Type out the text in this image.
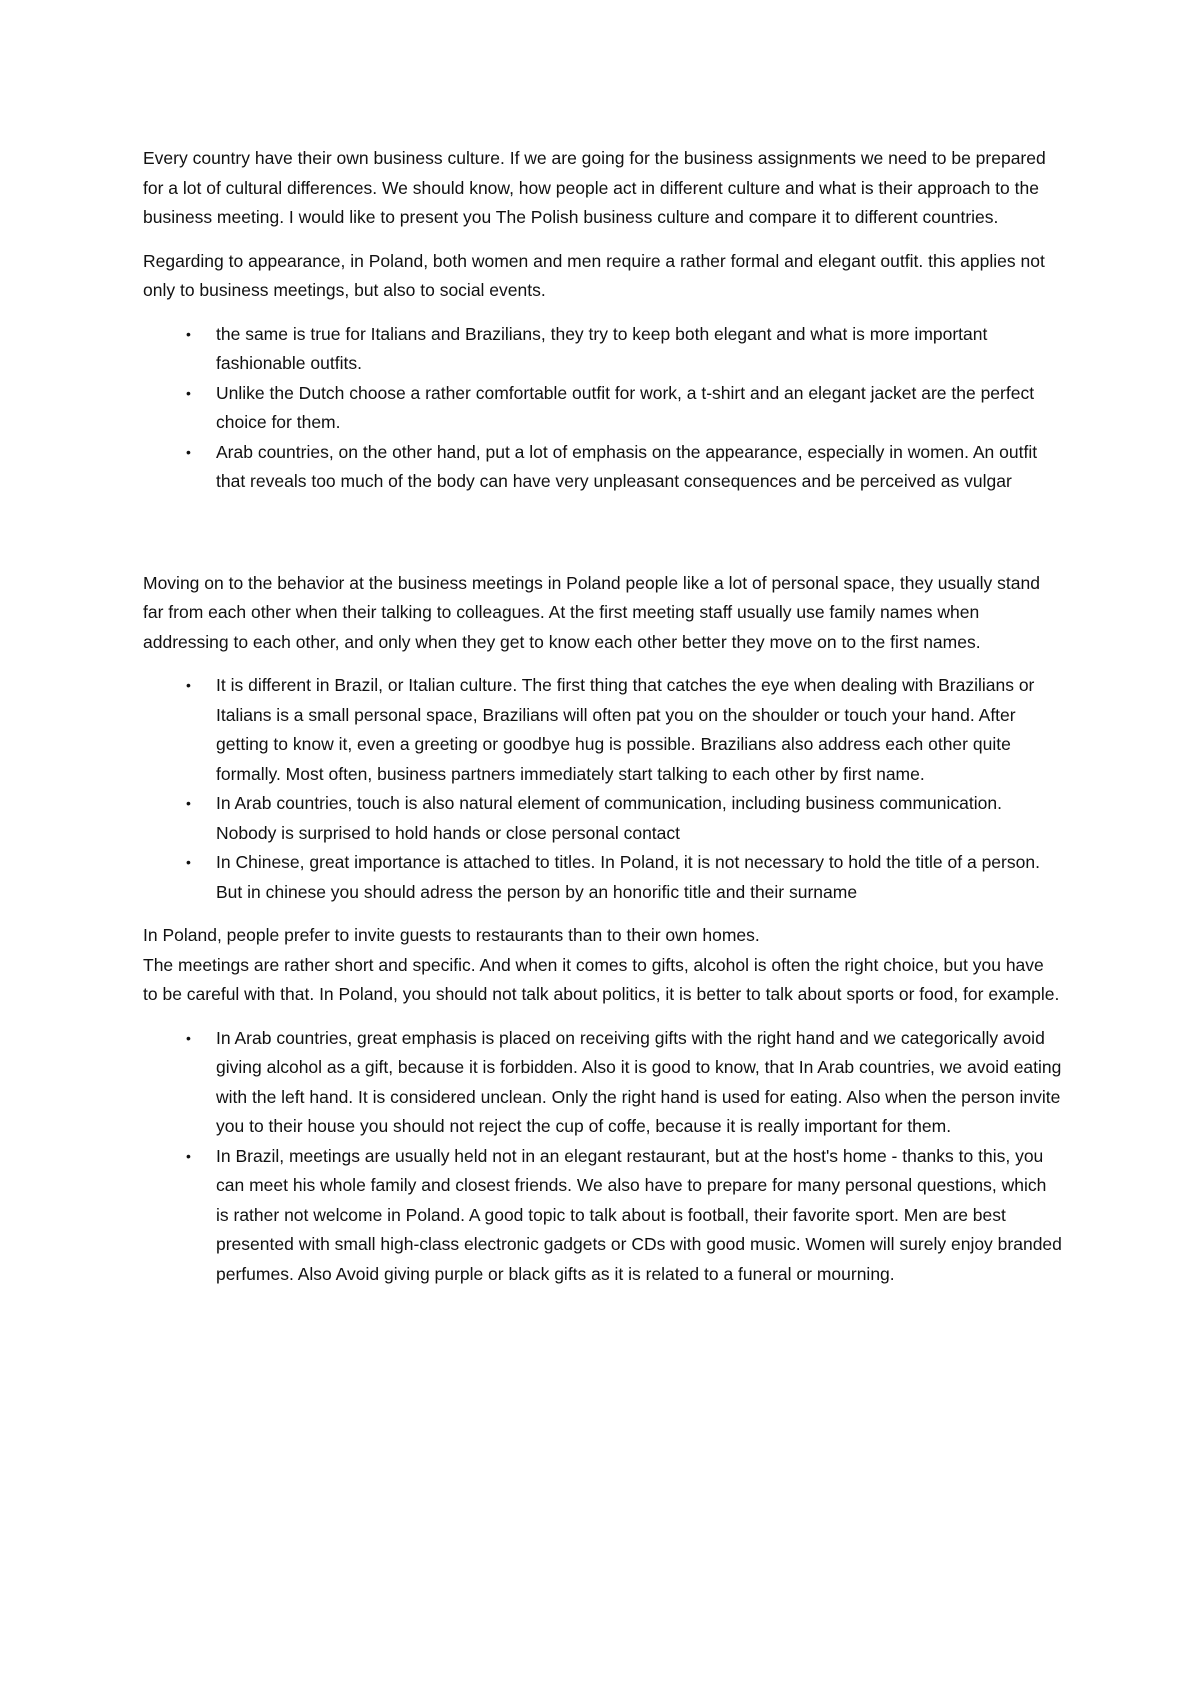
Every country have their own business culture. If we are going for the business assignments we need to be prepared for a lot of cultural differences. We should know, how people act in different culture and what is their approach to the business meeting. I would like to present you The Polish business culture and compare it to different countries.

Regarding to appearance, in Poland, both women and men require a rather formal and elegant outfit. this applies not only to business meetings, but also to social events.

• the same is true for Italians and Brazilians, they try to keep both elegant and what is more important fashionable outfits.
• Unlike the Dutch choose a rather comfortable outfit for work, a t-shirt and an elegant jacket are the perfect choice for them.
• Arab countries, on the other hand, put a lot of emphasis on the appearance, especially in women. An outfit that reveals too much of the body can have very unpleasant consequences and be perceived as vulgar

Moving on to the behavior at the business meetings in Poland people like a lot of personal space, they usually stand far from each other when their talking to colleagues. At the first meeting staff usually use family names when addressing to each other, and only when they get to know each other better they move on to the first names.

• It is different in Brazil, or Italian culture. The first thing that catches the eye when dealing with Brazilians or Italians is a small personal space, Brazilians will often pat you on the shoulder or touch your hand. After getting to know it, even a greeting or goodbye hug is possible. Brazilians also address each other quite formally. Most often, business partners immediately start talking to each other by first name.
• In Arab countries, touch is also natural element of communication, including business communication. Nobody is surprised to hold hands or close personal contact
• In Chinese, great importance is attached to titles. In Poland, it is not necessary to hold the title of a person. But in chinese you should adress the person by an honorific title and their surname

In Poland, people prefer to invite guests to restaurants than to their own homes.
The meetings are rather short and specific. And when it comes to gifts, alcohol is often the right choice, but you have to be careful with that. In Poland, you should not talk about politics, it is better to talk about sports or food, for example.

• In Arab countries, great emphasis is placed on receiving gifts with the right hand and we categorically avoid giving alcohol as a gift, because it is forbidden. Also it is good to know, that In Arab countries, we avoid eating with the left hand. It is considered unclean. Only the right hand is used for eating. Also when the person invite you to their house you should not reject the cup of coffe, because it is really important for them.
• In Brazil, meetings are usually held not in an elegant restaurant, but at the host's home - thanks to this, you can meet his whole family and closest friends. We also have to prepare for many personal questions, which is rather not welcome in Poland. A good topic to talk about is football, their favorite sport. Men are best presented with small high-class electronic gadgets or CDs with good music. Women will surely enjoy branded perfumes. Also Avoid giving purple or black gifts as it is related to a funeral or mourning.
